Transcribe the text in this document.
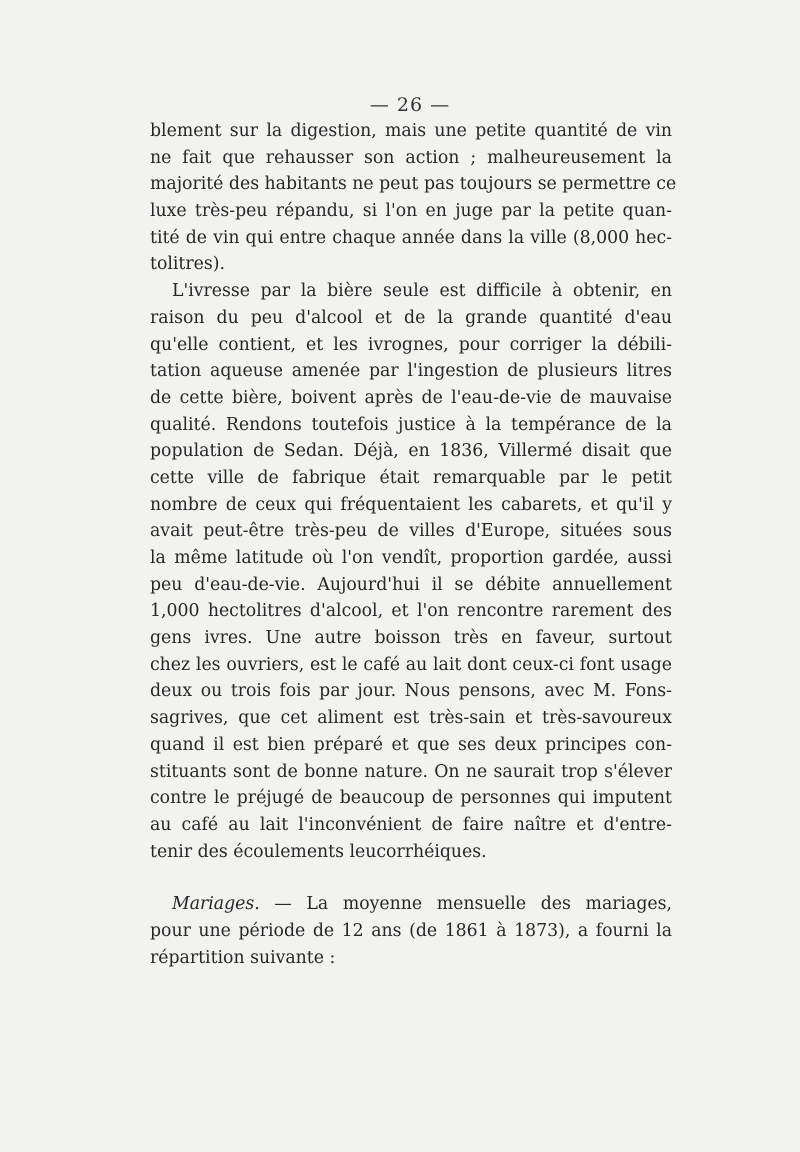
— 26 —
blement sur la digestion, mais une petite quantité de vin
ne fait que rehausser son action ; malheureusement la
majorité des habitants ne peut pas toujours se permettre ce
luxe très-peu répandu, si l'on en juge par la petite quan-
tité de vin qui entre chaque année dans la ville (8,000 hec-
tolitres).
L'ivresse par la bière seule est difficile à obtenir, en
raison du peu d'alcool et de la grande quantité d'eau
qu'elle contient, et les ivrognes, pour corriger la débili-
tation aqueuse amenée par l'ingestion de plusieurs litres
de cette bière, boivent après de l'eau-de-vie de mauvaise
qualité. Rendons toutefois justice à la tempérance de la
population de Sedan. Déjà, en 1836, Villermé disait que
cette ville de fabrique était remarquable par le petit
nombre de ceux qui fréquentaient les cabarets, et qu'il y
avait peut-être très-peu de villes d'Europe, situées sous
la même latitude où l'on vendît, proportion gardée, aussi
peu d'eau-de-vie. Aujourd'hui il se débite annuellement
1,000 hectolitres d'alcool, et l'on rencontre rarement des
gens ivres. Une autre boisson très en faveur, surtout
chez les ouvriers, est le café au lait dont ceux-ci font usage
deux ou trois fois par jour. Nous pensons, avec M. Fons-
sagrives, que cet aliment est très-sain et très-savoureux
quand il est bien préparé et que ses deux principes con-
stituants sont de bonne nature. On ne saurait trop s'élever
contre le préjugé de beaucoup de personnes qui imputent
au café au lait l'inconvénient de faire naître et d'entre-
tenir des écoulements leucorrhéiques.
Mariages. — La moyenne mensuelle des mariages,
pour une période de 12 ans (de 1861 à 1873), a fourni la
répartition suivante :
